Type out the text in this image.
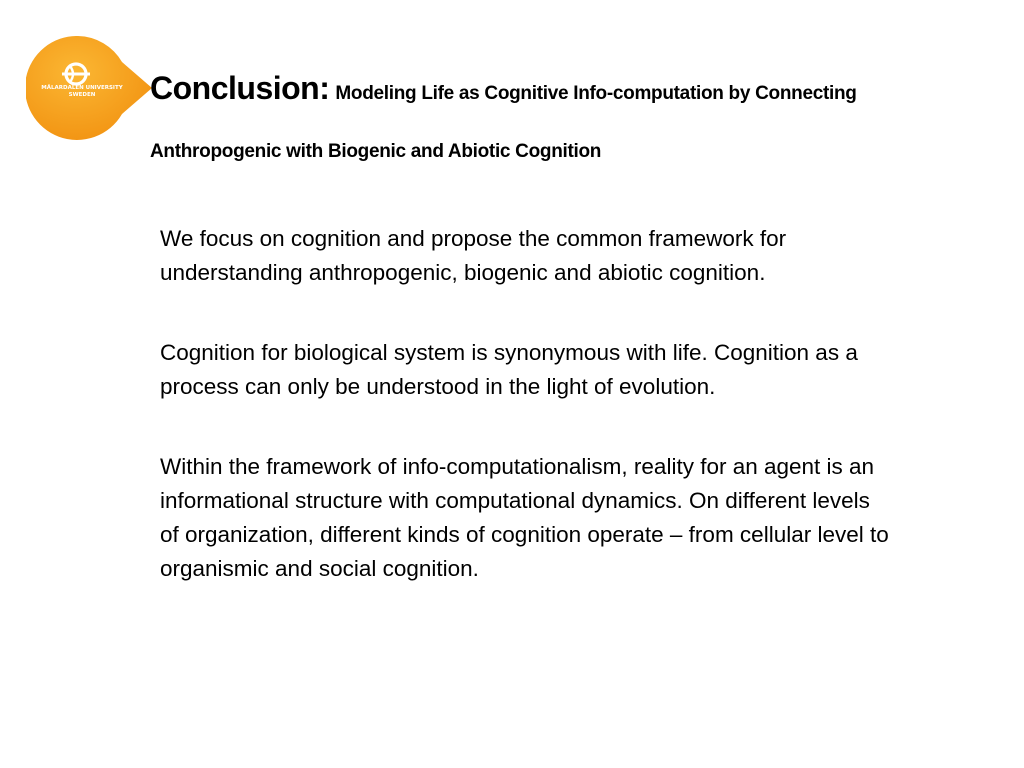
MÄLARDALEN UNIVERSITY
SWEDEN	Conclusion: Modeling Life as Cognitive Info-computation by Connecting
Anthropogenic with Biogenic and Abiotic Cognition

We focus on cognition and propose the common framework for understanding anthropogenic, biogenic and abiotic cognition.

Cognition for biological system is synonymous with life. Cognition as a process can only be understood in the light of evolution.

Within the framework of info-computationalism, reality for an agent is an informational structure with computational dynamics. On different levels of organization, different kinds of cognition operate – from cellular level to organismic and social cognition.
